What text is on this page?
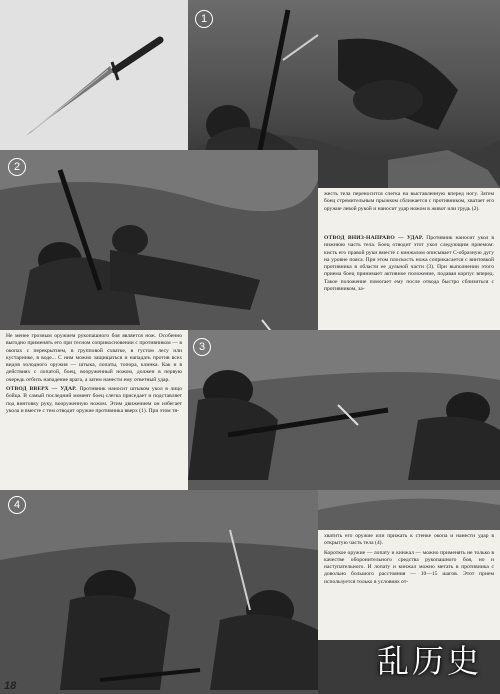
1
2

жесть тела переносится слегка на выставленную вперед ногу. Затем боец стремительным прыжком сближается с противником, хватает его оружие левой рукой и наносит удар ножом в живот или грудь (2).

ОТВОД ВНИЗ-НАПРАВО — УДАР. Противник наносит укол в нижнюю часть тела. Боец отводит этот укол следующим приемом: кисть его правой руки вместе с кинжалом описывает С-образную дугу на уровне пояса. При этом плоскость ножа соприкасается с винтовкой противника в области ее дульной части (3). При выполнении этого приема боец принимает активное положение, подавая корпус вперед. Такое положение помогает ему после отвода быстро сблизиться с противником, за-

3

Не менее грозным оружием рукопашного боя является нож. Особенно выгодно применять его при тесном соприкосновении с противником — в окопах с перекрытием, в групповой схватке, в густом лесу или кустарнике, в воде... С ним можно защищаться и нападать против всех видов холодного оружия — штыка, лопаты, топора, клинка. Как и в действиях с лопатой, боец, вооруженный ножом, должен в первую очередь отбить нападение врага, а затем нанести ему ответный удар.

ОТВОД ВВЕРХ — УДАР. Противник наносит штыком укол в лицо бойца. В самый последний момент боец слегка приседает и подставляет под винтовку руку, вооруженную ножом. Этим движением он избегает укола и вместе с тем отводит оружие противника вверх (1). При этом тя-

4

хватить его оружие или прижать к стенке окопа и нанести удар в открытую часть тела (4).

Короткое оружие — лопату и кинжал — можно применять не только в качестве оборонительного средства рукопашного боя, но и наступательного. И лопату и кинжал можно метать в противника с довольно большого расстояния — 10—15 шагов. Этот прием используется только в условиях от-

18
乱历史
